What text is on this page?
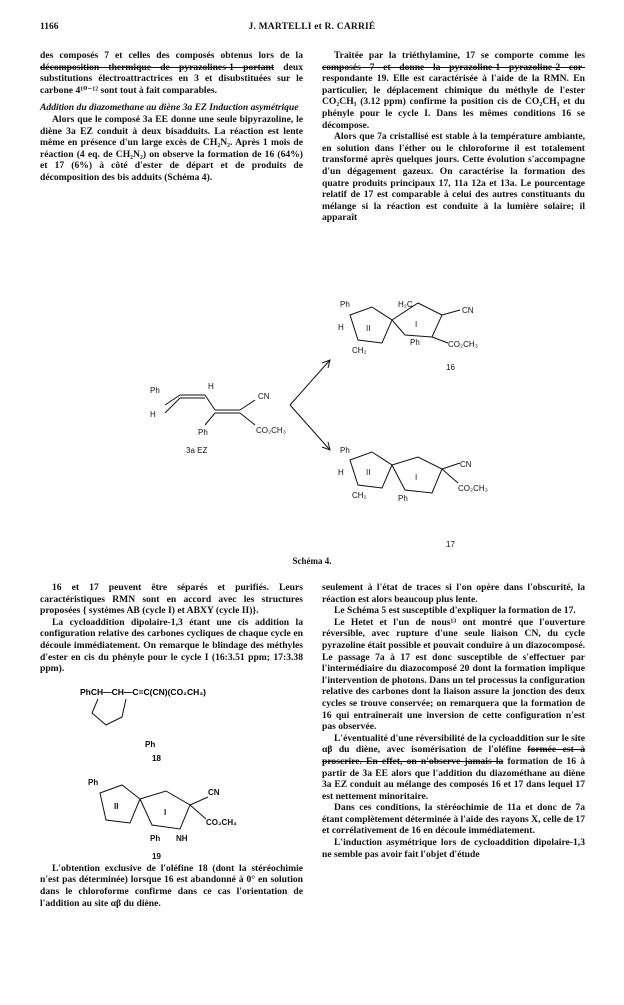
1166	J. MARTELLI et R. CARRIÉ

des composés 7 et celles des composés obtenus lors de la décomposition thermique de pyrazolines-1 portant deux substitutions électroattractrices en 3 et disubstituées sur le carbone 4¹⁰⁻¹² sont tout à fait comparables.

Addition du diazomethane au diène 3a EZ Induction asymétrique

Alors que le composé 3a EE donne une seule bipyrazoline, le diène 3a EZ conduit à deux bisadduits. La réaction est lente même en présence d'un large excès de CH₂N₂. Après 1 mois de réaction (4 eq. de CH₂N₂) on observe la formation de 16 (64%) et 17 (6%) à côté d'ester de départ et de produits de décomposition des bis adduits (Schéma 4).

Traitée par la triéthylamine, 17 se comporte comme les composés 7 et donne la pyrazoline-1 pyrazoline-2 cor- respondante 19. Elle est caractérisée à l'aide de la RMN. En particulier, le déplacement chimique du méthyle de l'ester CO₂CH₃ (3.12 ppm) confirme la position cis de CO₂CH₃ et du phényle pour le cycle I. Dans les mêmes conditions 16 se décompose.

Alors que 7a cristallisé est stable à la température ambiante, en solution dans l'éther ou le chloroforme il est totalement transformé après quelques jours. Cette évolution s'accompagne d'un dégagement gazeux. On caractérise la formation des quatre produits principaux 17, 11a 12a et 13a. Le pourcentage relatif de 17 est comparable à celui des autres constituants du mélange si la réaction est conduite à la lumière solaire; il apparaît

Ph
H
H
CN
Ph	CO₂CH₃
3a EZ
Ph
H	II	I
CH₂
Ph	CO₂CH₃
CN
H₂C
16
Ph
H	II
I
CH₂	Ph
CN
CO₂CH₃
17
Schéma 4.

16 et 17 peuvent être séparés et purifiés. Leurs caractéristiques RMN sont en accord avec les structures proposées { systèmes AB (cycle I) et ABXY (cycle II)}.

La cycloaddition dipolaire-1,3 étant une cis addition la configuration relative des carbones cycliques de chaque cycle en découle immédiatement. On remarque le blindage des méthyles d'ester en cis du phényle pour le cycle I (16:3.51 ppm; 17:3.38 ppm).

PhCH—CH—C=C(CN)(CO₂CH₃)
Ph
18
Ph
II
I
CN
CO₂CH₃
Ph NH
19

L'obtention exclusive de l'oléfine 18 (dont la stéréochimie n'est pas déterminée) lorsque 16 est abandonné à 0° en solution dans le chloroforme confirme dans ce cas l'orientation de l'addition au site αβ du diène.

seulement à l'état de traces si l'on opère dans l'obscurité, la réaction est alors beaucoup plus lente.

Le Schéma 5 est susceptible d'expliquer la formation de 17.

Le Hetet et l'un de nous¹³ ont montré que l'ouverture réversible, avec rupture d'une seule liaison CN, du cycle pyrazoline était possible et pouvait conduire à un diazocomposé. Le passage 7a à 17 est donc susceptible de s'effectuer par l'intermédiaire du diazocomposé 20 dont la formation implique l'intervention de photons. Dans un tel processus la configuration relative des carbones dont la liaison assure la jonction des deux cycles se trouve conservée; on remarquera que la formation de 16 qui entraînerait une inversion de cette configuration n'est pas observée.

L'éventualité d'une réversibilité de la cycloaddition sur le site αβ du diène, avec isomérisation de l'oléfine formée est à proscrire. En effet, on n'observe jamais la formation de 16 à partir de 3a EE alors que l'addition du diazométhane au diène 3a EZ conduit au mélange des composés 16 et 17 dans lequel 17 est nettement minoritaire.

Dans ces conditions, la stéréochimie de 11a et donc de 7a étant complètement déterminée à l'aide des rayons X, celle de 17 et corrélativement de 16 en découle immédiatement.

L'induction asymétrique lors de cycloaddition dipolaire-1,3 ne semble pas avoir fait l'objet d'étude
